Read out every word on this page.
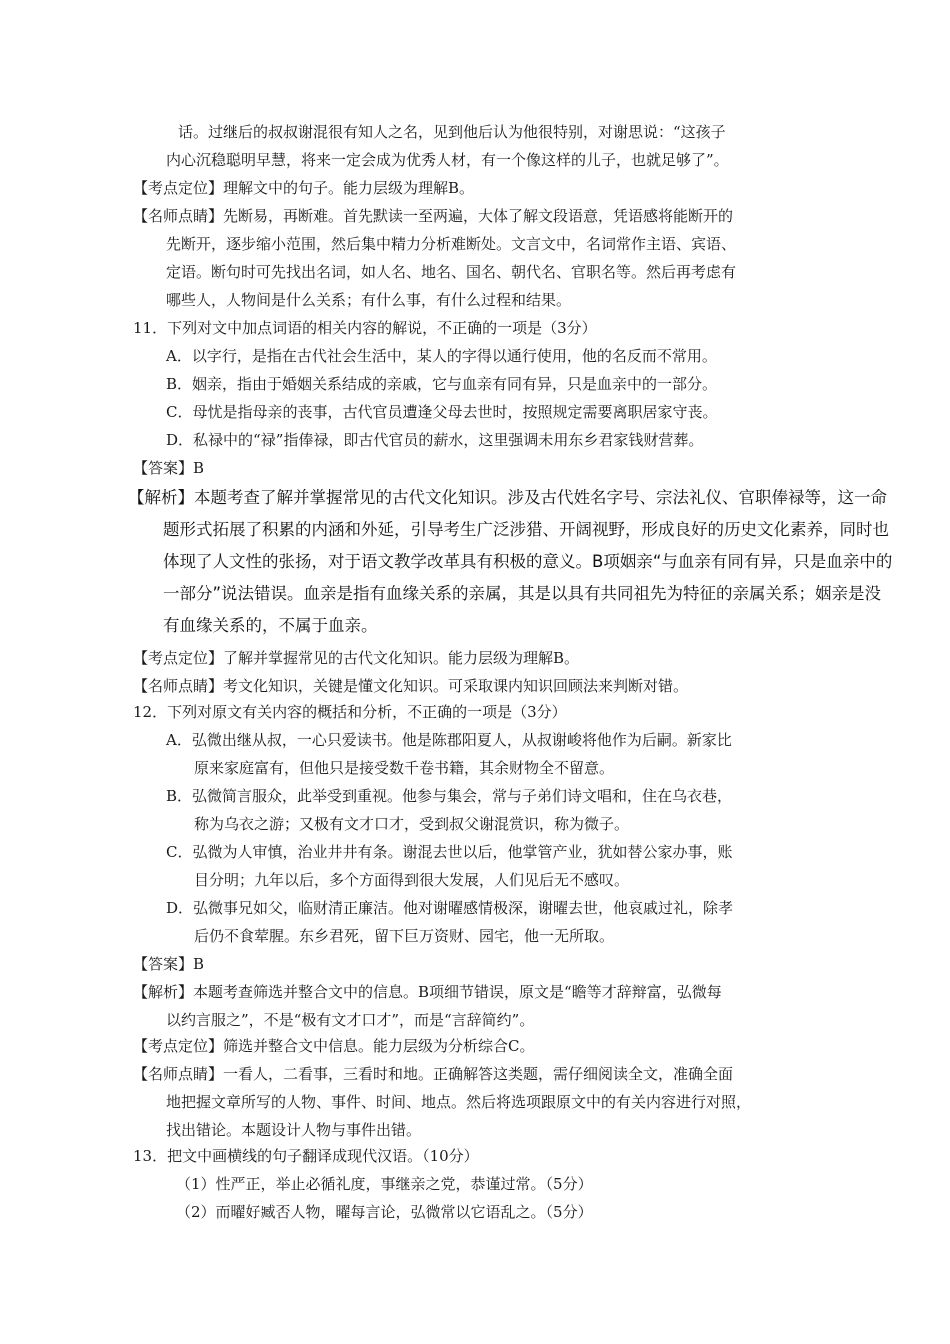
话。过继后的叔叔谢混很有知人之名，见到他后认为他很特别，对谢思说：“这孩子
内心沉稳聪明早慧，将来一定会成为优秀人材，有一个像这样的儿子，也就足够了”。
【考点定位】理解文中的句子。能力层级为理解B。
【名师点睛】先断易，再断难。首先默读一至两遍，大体了解文段语意，凭语感将能断开的
先断开，逐步缩小范围，然后集中精力分析难断处。文言文中，名词常作主语、宾语、
定语。断句时可先找出名词，如人名、地名、国名、朝代名、官职名等。然后再考虑有
哪些人，人物间是什么关系；有什么事，有什么过程和结果。
11．下列对文中加点词语的相关内容的解说，不正确的一项是（3分）
A．以字行，是指在古代社会生活中，某人的字得以通行使用，他的名反而不常用。
B．姻亲，指由于婚姻关系结成的亲戚，它与血亲有同有异，只是血亲中的一部分。
C．母忧是指母亲的丧事，古代官员遭逢父母去世时，按照规定需要离职居家守丧。
D．私禄中的“禄”指俸禄，即古代官员的薪水，这里强调未用东乡君家钱财营葬。
【答案】B
【解析】本题考查了解并掌握常见的古代文化知识。涉及古代姓名字号、宗法礼仪、官职俸禄等，这一命
题形式拓展了积累的内涵和外延，引导考生广泛涉猎、开阔视野，形成良好的历史文化素养，同时也
体现了人文性的张扬，对于语文教学改革具有积极的意义。B项姻亲“与血亲有同有异，只是血亲中的
一部分”说法错误。血亲是指有血缘关系的亲属，其是以具有共同祖先为特征的亲属关系；姻亲是没
有血缘关系的，不属于血亲。
【考点定位】了解并掌握常见的古代文化知识。能力层级为理解B。
【名师点睛】考文化知识，关键是懂文化知识。可采取课内知识回顾法来判断对错。
12．下列对原文有关内容的概括和分析，不正确的一项是（3分）
A．弘微出继从叔，一心只爱读书。他是陈郡阳夏人，从叔谢峻将他作为后嗣。新家比
原来家庭富有，但他只是接受数千卷书籍，其余财物全不留意。
B．弘微简言服众，此举受到重视。他参与集会，常与子弟们诗文唱和，住在乌衣巷，
称为乌衣之游；又极有文才口才，受到叔父谢混赏识，称为微子。
C．弘微为人审慎，治业井井有条。谢混去世以后，他掌管产业，犹如替公家办事，账
目分明；九年以后，多个方面得到很大发展，人们见后无不感叹。
D．弘微事兄如父，临财清正廉洁。他对谢曜感情极深，谢曜去世，他哀戚过礼，除孝
后仍不食荤腥。东乡君死，留下巨万资财、园宅，他一无所取。
【答案】B
【解析】本题考查筛选并整合文中的信息。B项细节错误，原文是“瞻等才辞辩富，弘微每
以约言服之”，不是“极有文才口才”，而是“言辞简约”。
【考点定位】筛选并整合文中信息。能力层级为分析综合C。
【名师点睛】一看人，二看事，三看时和地。正确解答这类题，需仔细阅读全文，准确全面
地把握文章所写的人物、事件、时间、地点。然后将选项跟原文中的有关内容进行对照，
找出错论。本题设计人物与事件出错。
13．把文中画横线的句子翻译成现代汉语。（10分）
（1）性严正，举止必循礼度，事继亲之党，恭谨过常。（5分）
（2）而曜好臧否人物，曜每言论，弘微常以它语乱之。（5分）
